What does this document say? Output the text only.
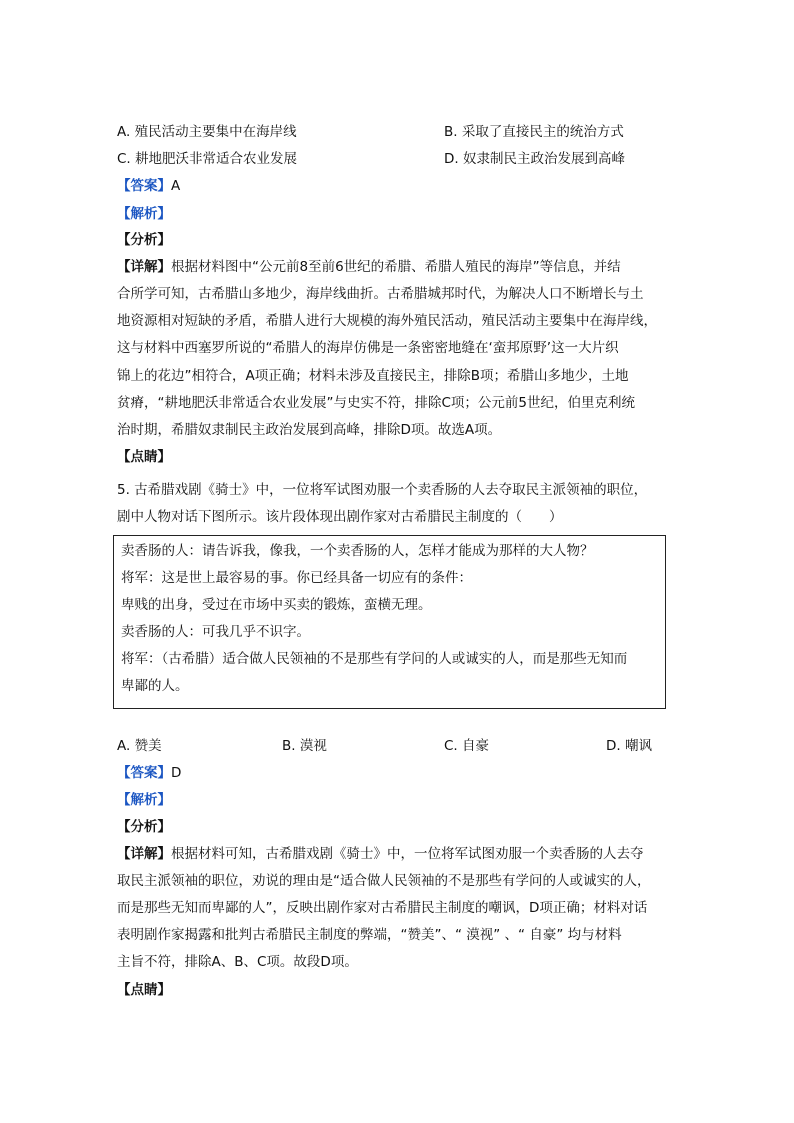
A. 殖民活动主要集中在海岸线	B. 采取了直接民主的统治方式
C. 耕地肥沃非常适合农业发展	D. 奴隶制民主政治发展到高峰
【答案】A
【解析】
【分析】
【详解】根据材料图中“公元前8至前6世纪的希腊、希腊人殖民的海岸”等信息，并结
合所学可知，古希腊山多地少，海岸线曲折。古希腊城邦时代，为解决人口不断增长与土
地资源相对短缺的矛盾，希腊人进行大规模的海外殖民活动，殖民活动主要集中在海岸线，
这与材料中西塞罗所说的“希腊人的海岸仿佛是一条密密地缝在‘蛮邦原野’这一大片织
锦上的花边”相符合，A项正确；材料未涉及直接民主，排除B项；希腊山多地少，土地
贫瘠，“耕地肥沃非常适合农业发展”与史实不符，排除C项；公元前5世纪，伯里克利统
治时期，希腊奴隶制民主政治发展到高峰，排除D项。故选A项。
【点睛】
5. 古希腊戏剧《骑士》中，一位将军试图劝服一个卖香肠的人去夺取民主派领袖的职位，
剧中人物对话下图所示。该片段体现出剧作家对古希腊民主制度的（　　）
卖香肠的人：请告诉我，像我，一个卖香肠的人，怎样才能成为那样的大人物？
将军：这是世上最容易的事。你已经具备一切应有的条件：
卑贱的出身，受过在市场中买卖的锻炼，蛮横无理。
卖香肠的人：可我几乎不识字。
将军：（古希腊）适合做人民领袖的不是那些有学问的人或诚实的人，而是那些无知而
卑鄙的人。
A. 赞美	B. 漠视	C. 自豪	D. 嘲讽
【答案】D
【解析】
【分析】
【详解】根据材料可知，古希腊戏剧《骑士》中，一位将军试图劝服一个卖香肠的人去夺
取民主派领袖的职位，劝说的理由是“适合做人民领袖的不是那些有学问的人或诚实的人，
而是那些无知而卑鄙的人”，反映出剧作家对古希腊民主制度的嘲讽，D项正确；材料对话
表明剧作家揭露和批判古希腊民主制度的弊端，“赞美”、“ 漠视” 、“ 自豪” 均与材料
主旨不符，排除A、B、C项。故段D项。
【点睛】
